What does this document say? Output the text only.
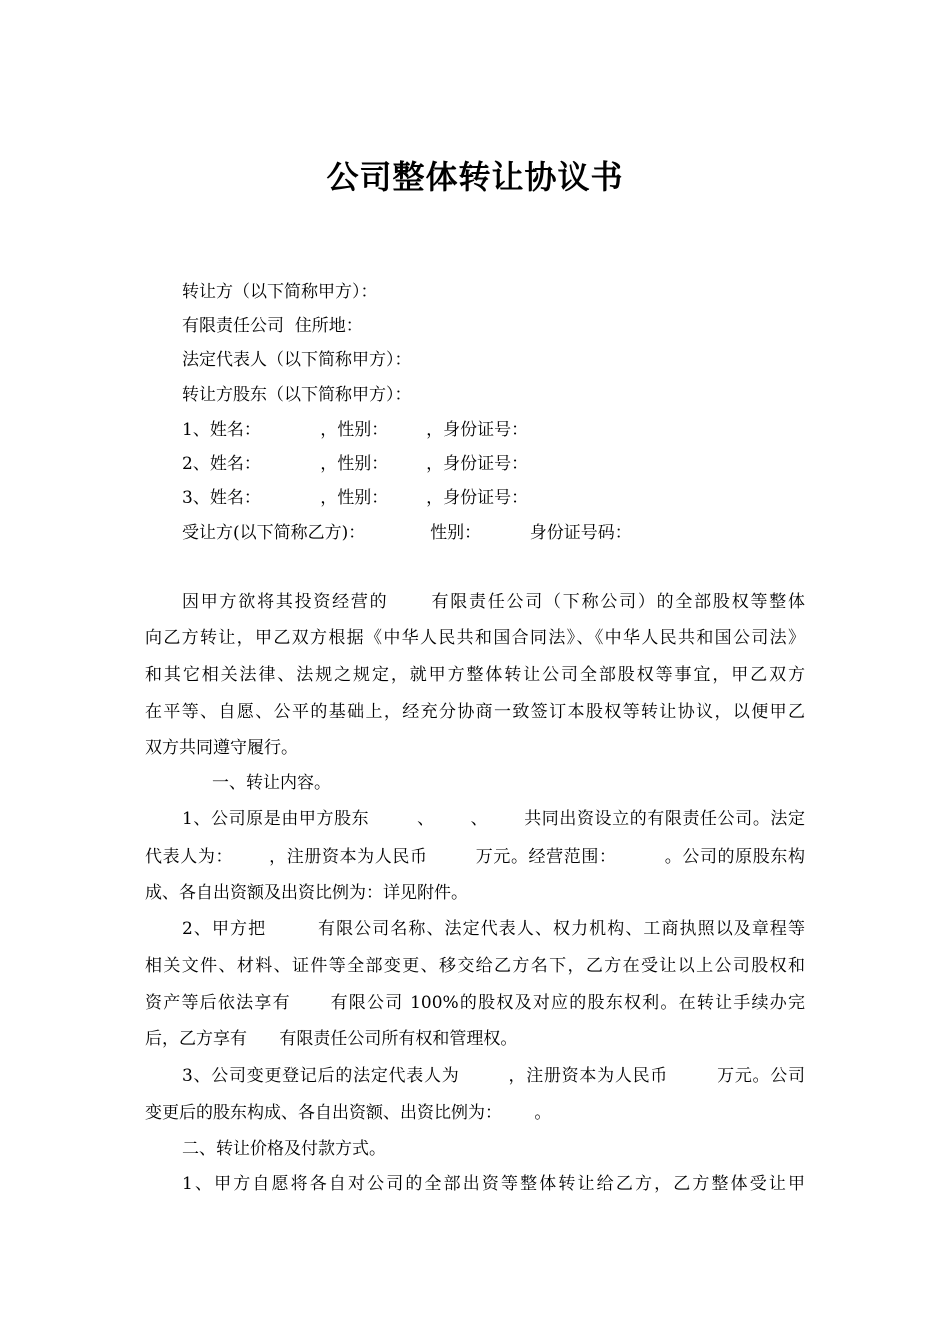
公司整体转让协议书
转让方（以下简称甲方）：
有限责任公司  住所地：
法定代表人（以下简称甲方）：
转让方股东（以下简称甲方）：
1、姓名：           ，性别：       ，身份证号：
2、姓名：           ，性别：       ，身份证号：
3、姓名：           ，性别：       ，身份证号：
受让方(以下简称乙方)：            性别：         身份证号码：
因甲方欲将其投资经营的      有限责任公司（下称公司）的全部股权等整体
向乙方转让，甲乙双方根据《中华人民共和国合同法》、《中华人民共和国公司法》
和其它相关法律、法规之规定，就甲方整体转让公司全部股权等事宜，甲乙双方
在平等、自愿、公平的基础上，经充分协商一致签订本股权等转让协议，以便甲乙
双方共同遵守履行。
一、转让内容。
1、公司原是由甲方股东        、      、      共同出资设立的有限责任公司。法定
代表人为：      ，注册资本为人民币        万元。经营范围：        。公司的原股东构
成、各自出资额及出资比例为：详见附件。
2、甲方把        有限公司名称、法定代表人、权力机构、工商执照以及章程等
相关文件、材料、证件等全部变更、移交给乙方名下，乙方在受让以上公司股权和
资产等后依法享有      有限公司 100%的股权及对应的股东权利。在转让手续办完
后，乙方享有      有限责任公司所有权和管理权。
3、公司变更登记后的法定代表人为        ，注册资本为人民币        万元。公司
变更后的股东构成、各自出资额、出资比例为：      。
二、转让价格及付款方式。
1、甲方自愿将各自对公司的全部出资等整体转让给乙方，乙方整体受让甲
